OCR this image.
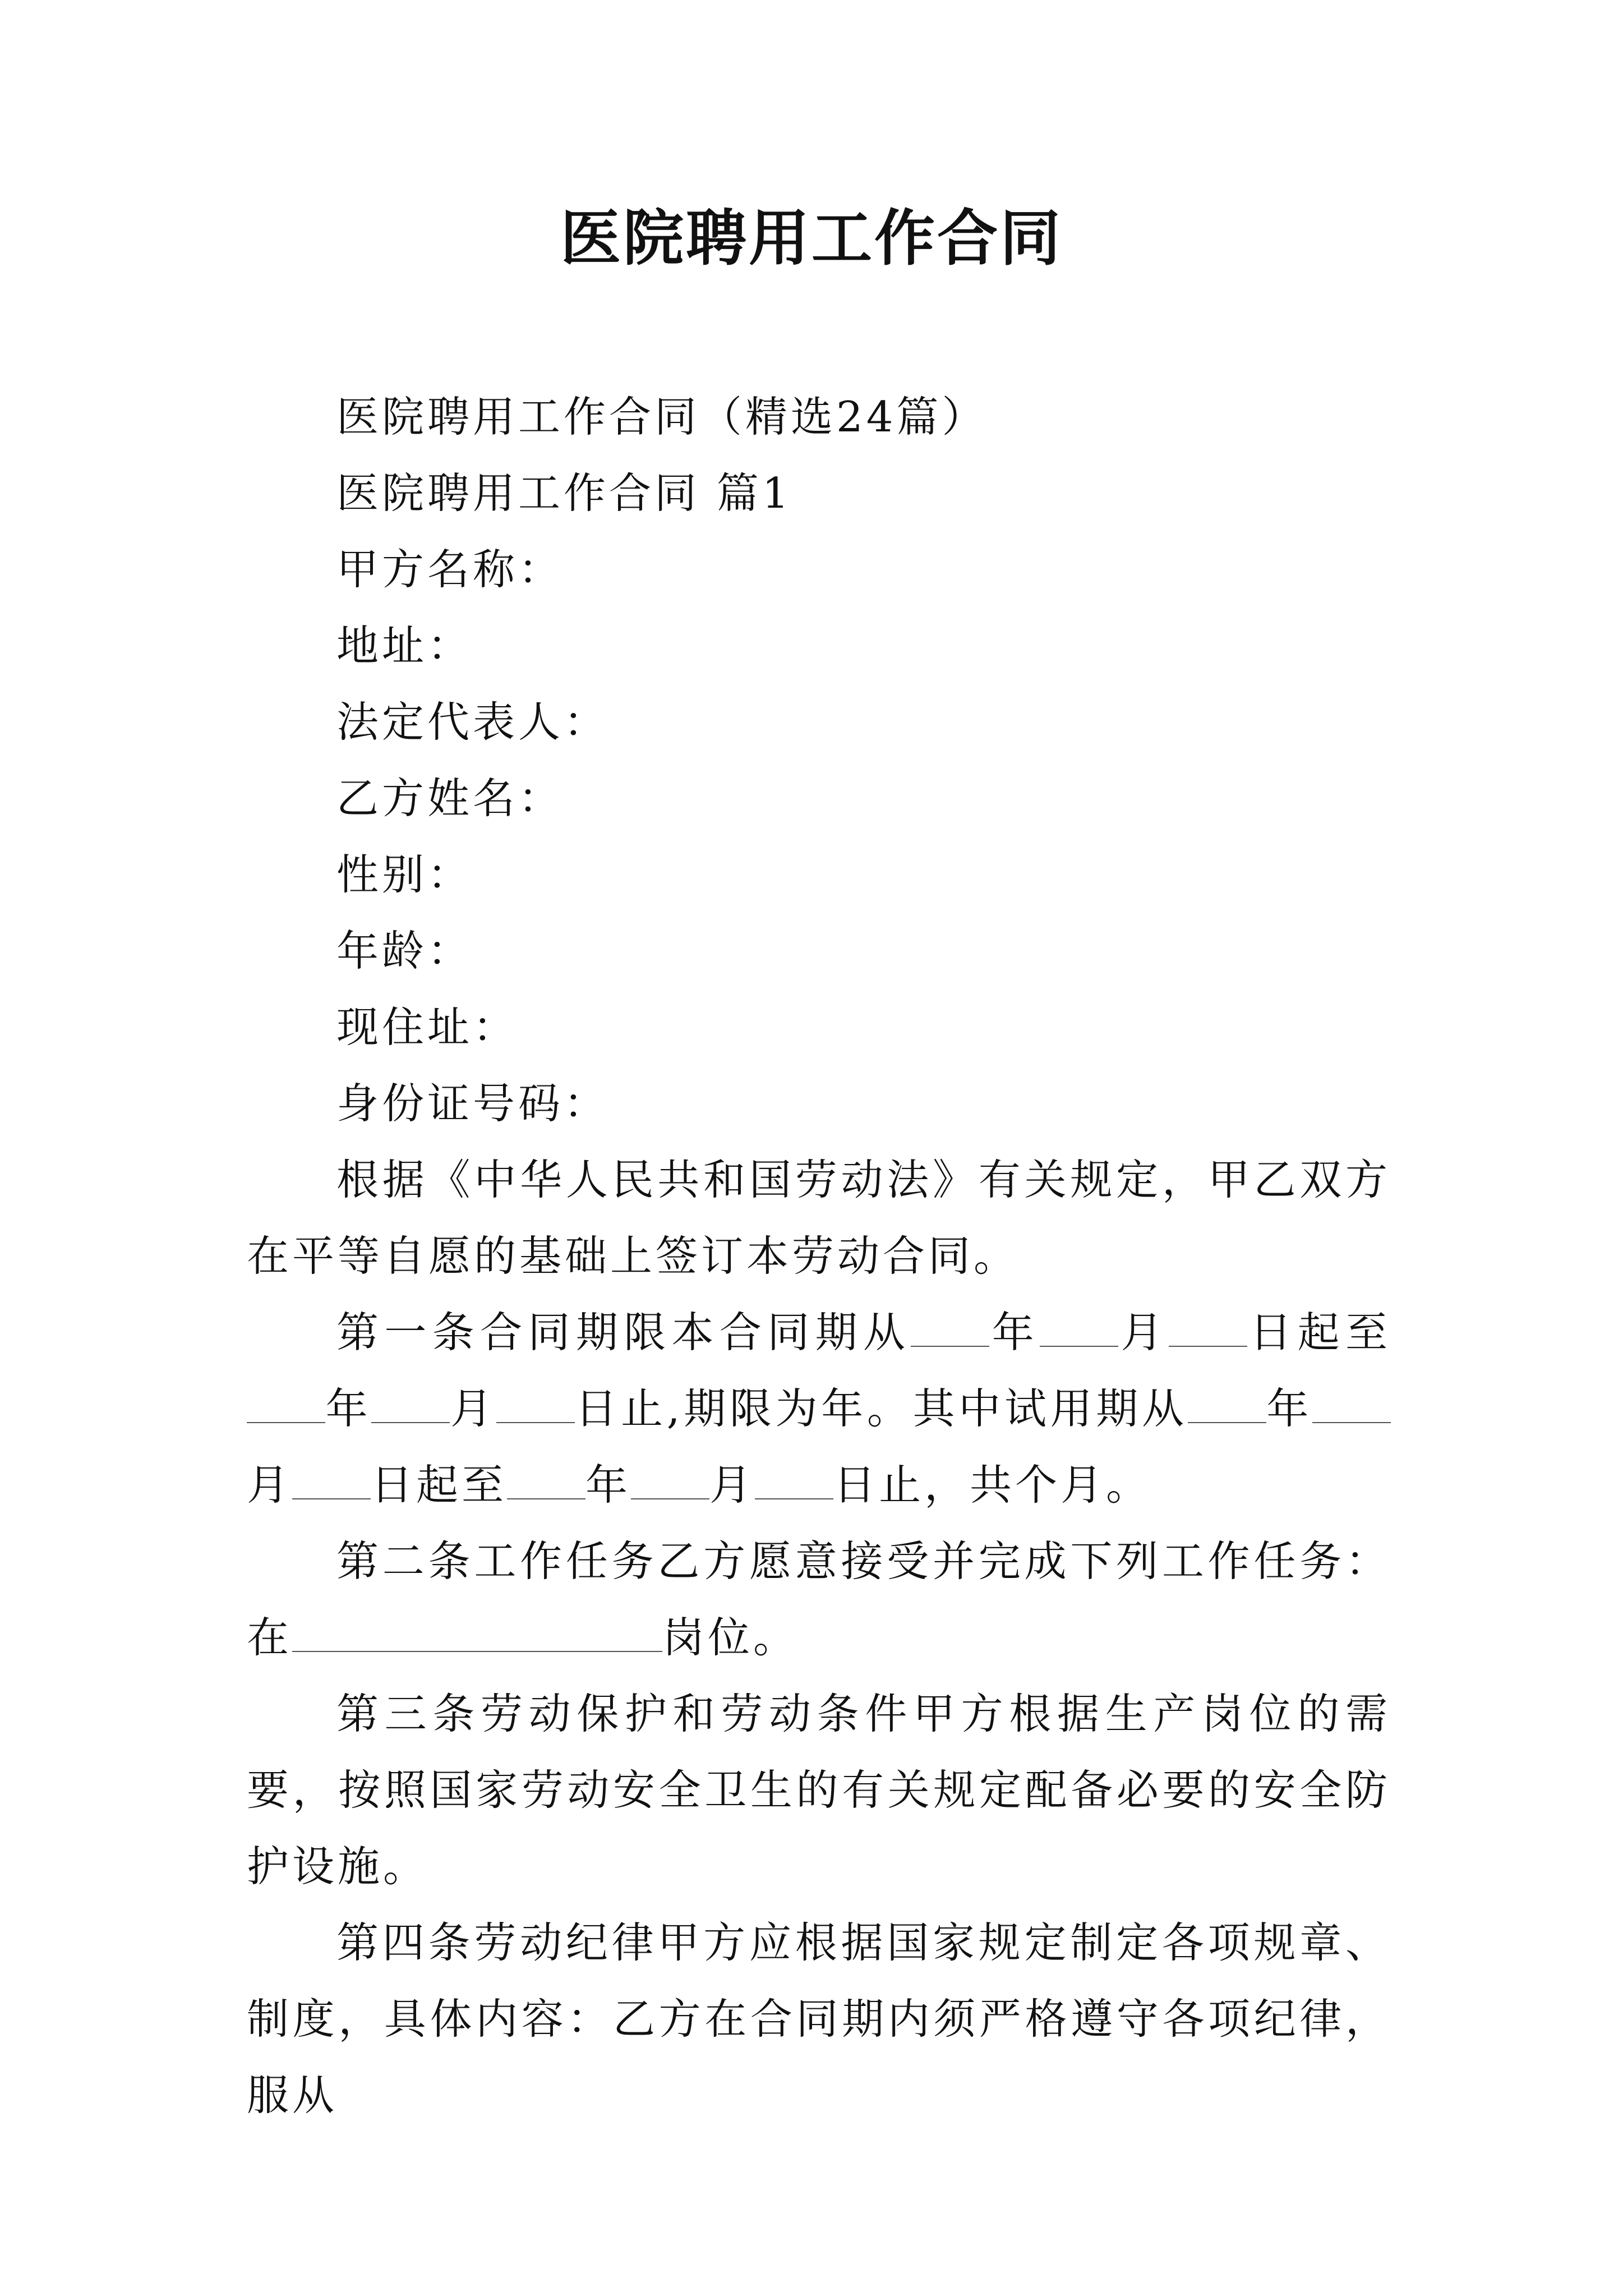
医院聘用工作合同

医院聘用工作合同（精选24篇）

医院聘用工作合同 篇1

甲方名称：

地址：

法定代表人：

乙方姓名：

性别：

年龄：

现住址：

身份证号码：

根据《中华人民共和国劳动法》有关规定，甲乙双方在平等自愿的基础上签订本劳动合同。

第一条合同期限本合同期从 年 月 日起至年 月 日止,期限为年。其中试用期从 年月 日起至 年 月 日止，共个月。

第二条工作任务乙方愿意接受并完成下列工作任务：在	岗位。

第三条劳动保护和劳动条件甲方根据生产岗位的需要，按照国家劳动安全卫生的有关规定配备必要的安全防护设施。

第四条劳动纪律甲方应根据国家规定制定各项规章、制度，具体内容：乙方在合同期内须严格遵守各项纪律，服从
